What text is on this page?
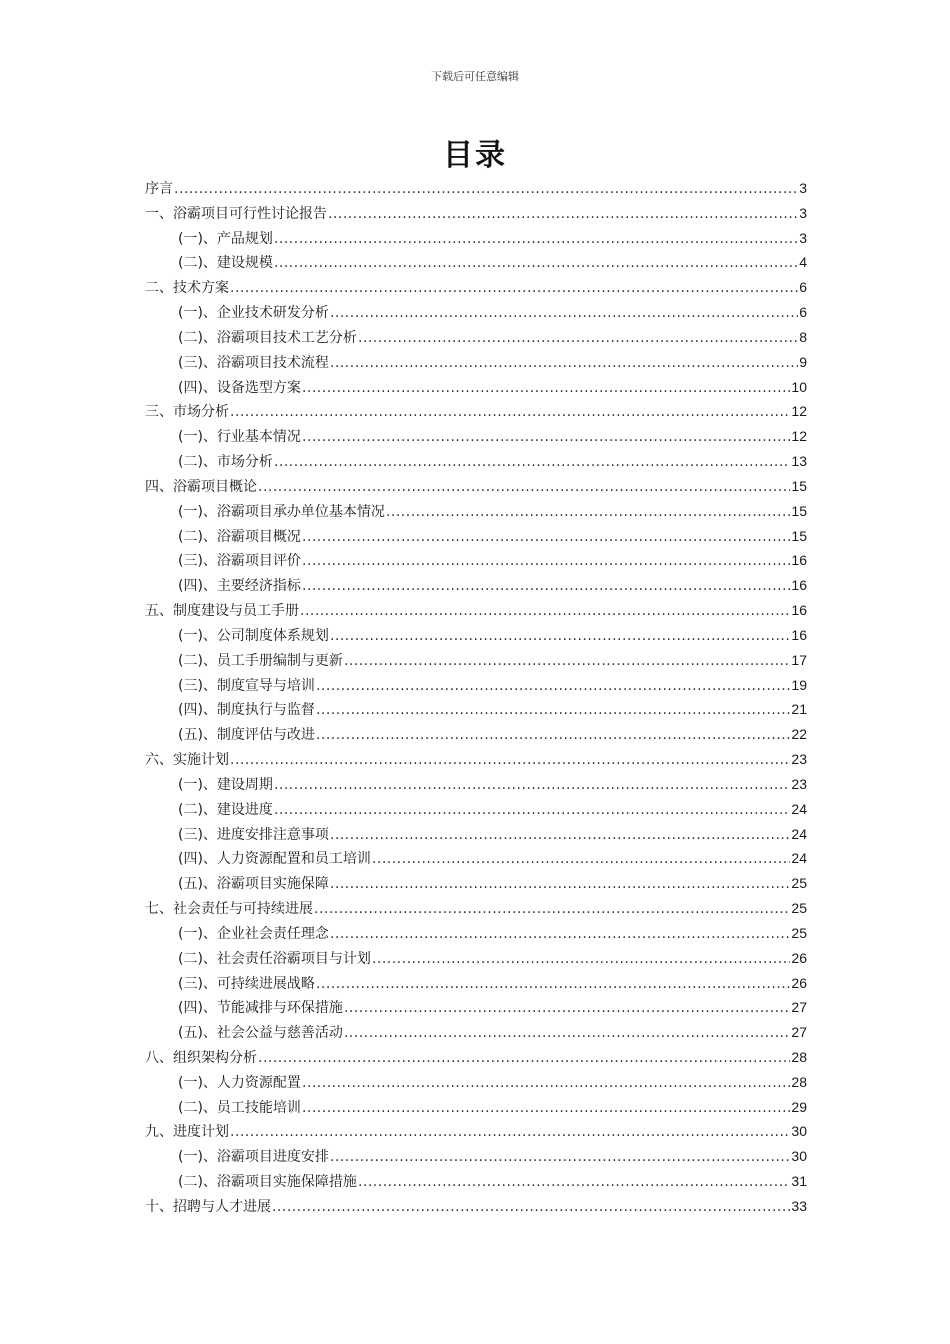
下载后可任意编辑
目录
序言 .....	3
一、浴霸项目可行性讨论报告 .....	3
(一)、产品规划 .....	3
(二)、建设规模 .....	4
二、技术方案 .....	6
(一)、企业技术研发分析 .....	6
(二)、浴霸项目技术工艺分析 .....	8
(三)、浴霸项目技术流程 .....	9
(四)、设备选型方案 .....	10
三、市场分析 .....	12
(一)、行业基本情况 .....	12
(二)、市场分析 .....	13
四、浴霸项目概论 .....	15
(一)、浴霸项目承办单位基本情况 .....	15
(二)、浴霸项目概况 .....	15
(三)、浴霸项目评价 .....	16
(四)、主要经济指标 .....	16
五、制度建设与员工手册 .....	16
(一)、公司制度体系规划 .....	16
(二)、员工手册编制与更新 .....	17
(三)、制度宣导与培训 .....	19
(四)、制度执行与监督 .....	21
(五)、制度评估与改进 .....	22
六、实施计划 .....	23
(一)、建设周期 .....	23
(二)、建设进度 .....	24
(三)、进度安排注意事项 .....	24
(四)、人力资源配置和员工培训 .....	24
(五)、浴霸项目实施保障 .....	25
七、社会责任与可持续进展 .....	25
(一)、企业社会责任理念 .....	25
(二)、社会责任浴霸项目与计划 .....	26
(三)、可持续进展战略 .....	26
(四)、节能减排与环保措施 .....	27
(五)、社会公益与慈善活动 .....	27
八、组织架构分析 .....	28
(一)、人力资源配置 .....	28
(二)、员工技能培训 .....	29
九、进度计划 .....	30
(一)、浴霸项目进度安排 .....	30
(二)、浴霸项目实施保障措施 .....	31
十、招聘与人才进展 .....	33
